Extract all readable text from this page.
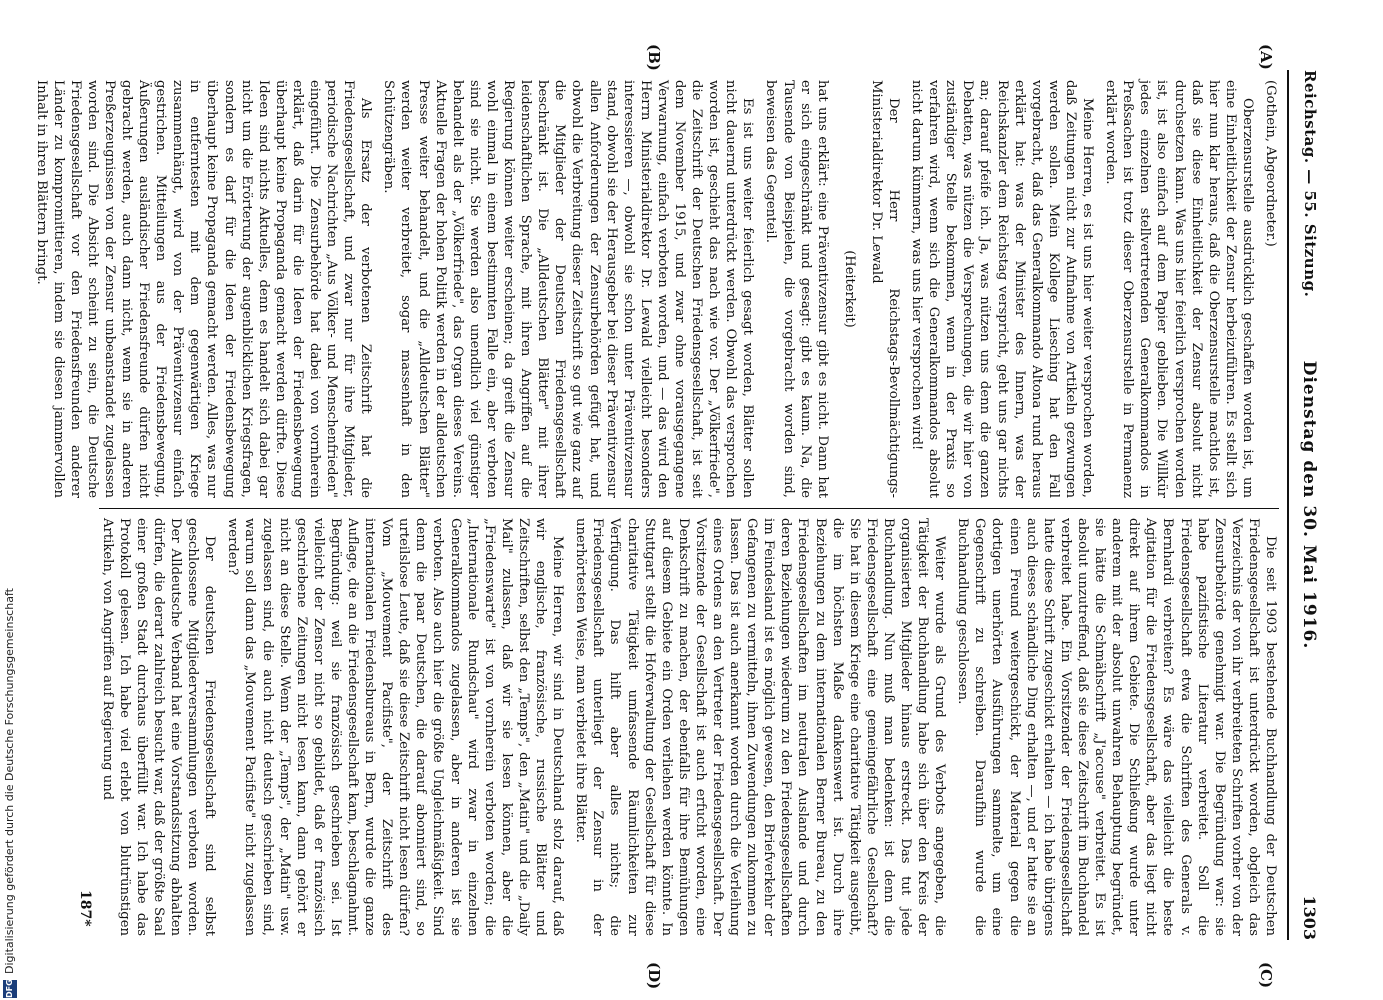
Reichstag. — 55. Sitzung.
Dienstag den 30. Mai 1916.
1303
(A)
(B)
(C)
(D)

(Gothein, Abgeordneter.)

Oberzensurstelle ausdrücklich geschaffen worden ist, um eine Einheitlichkeit der Zensur herbeizuführen. Es stellt sich hier nun klar heraus, daß die Oberzensurstelle machtlos ist, daß sie diese Einheitlichkeit der Zensur absolut nicht durchsetzen kann. Was uns hier feierlich versprochen worden ist, ist also einfach auf dem Papier geblieben. Die Willkür jedes einzelnen stellvertretenden Generalkommandos in Preßsachen ist trotz dieser Oberzensurstelle in Permanenz erklärt worden.

Meine Herren, es ist uns hier weiter versprochen worden, daß Zeitungen nicht zur Aufnahme von Artikeln gezwungen werden sollen. Mein Kollege Liesching hat den Fall vorgebracht, daß das Generalkommando Altona rund heraus erklärt hat: was der Minister des Innern, was der Reichskanzler dem Reichstag verspricht, geht uns gar nichts an; darauf pfeife ich. Ja, was nützen uns denn die ganzen Debatten, was nützen die Versprechungen, die wir hier von zuständiger Stelle bekommen, wenn in der Praxis so verfahren wird, wenn sich die Generalkommandos absolut nicht darum kümmern, was uns hier versprochen wird!

Der Herr Reichstags-Bevollmächtigungs-Ministerialdirektor Dr. Lewald

(Heiterkeit)

hat uns erklärt: eine Präventivzensur gibt es nicht. Dann hat er sich eingeschränkt und gesagt: gibt es kaum. Na, die Tausende von Beispielen, die vorgebracht worden sind, beweisen das Gegenteil.

Es ist uns weiter feierlich gesagt worden, Blätter sollen nicht dauernd unterdrückt werden. Obwohl das versprochen worden ist, geschieht das nach wie vor. Der „Völkerfriede", die Zeitschrift der Deutschen Friedensgesellschaft, ist seit dem November 1915, und zwar ohne vorausgegangene Verwarnung, einfach verboten worden, und — das wird den Herrn Ministerialdirektor Dr. Lewald vielleicht besonders interessieren —, obwohl sie schon unter Präventivzensur stand, obwohl sie der Herausgeber bei dieser Präventivzensur allen Anforderungen der Zensurbehörden gefügt hat, und obwohl die Verbreitung dieser Zeitschrift so gut wie ganz auf die Mitglieder der Deutschen Friedensgesellschaft beschränkt ist. Die „Alldeutschen Blätter" mit ihrer leidenschaftlichen Sprache, mit ihren Angriffen auf die Regierung können weiter erscheinen; da greift die Zensur wohl einmal in einem bestimmten Falle ein, aber verboten sind sie nicht. Sie werden also unendlich viel günstiger behandelt als der „Völkerfriede", das Organ dieses Vereins. Aktuelle Fragen der hohen Politik werden in der alldeutschen Presse weiter behandelt, und die „Alldeutschen Blätter" werden weiter verbreitet, sogar massenhaft in den Schützengräben.

Als Ersatz der verbotenen Zeitschrift hat die Friedensgesellschaft, und zwar nur für ihre Mitglieder, periodische Nachrichten „Aus Völker- und Menschenfrieden" eingeführt. Die Zensurbehörde hat dabei von vornherein erklärt, daß darin für die Ideen der Friedensbewegung überhaupt keine Propaganda gemacht werden dürfte. Diese Ideen sind nichts Aktuelles, denn es handelt sich dabei gar nicht um die Erörterung der augenblicklichen Kriegsfragen, sondern es darf für die Ideen der Friedensbewegung überhaupt keine Propaganda gemacht werden. Alles, was nur in entferntesten mit dem gegenwärtigen Kriege zusammenhängt, wird von der Präventivzensur einfach gestrichen. Mitteilungen aus der Friedensbewegung, Äußerungen ausländischer Friedensfreunde dürfen nicht gebracht werden, auch dann nicht, wenn sie in anderen Preßerzeugnissen von der Zensur unbeanstandet zugelassen worden sind. Die Absicht scheint zu sein, die Deutsche Friedensgesellschaft vor den Friedensfreunden anderer Länder zu kompromittieren, indem sie diesen jammervollen Inhalt in ihren Blättern bringt.

Die seit 1903 bestehende Buchhandlung der Deutschen Friedensgesellschaft ist unterdrückt worden, obgleich das Verzeichnis der von ihr verbreiteten Schriften vorher von der Zensurbehörde genehmigt war. Die Begründung war: sie habe pazifistische Literatur verbreitet. Soll die Friedensgesellschaft etwa die Schriften des Generals v. Bernhardi verbreiten? Es wäre das vielleicht die beste Agitation für die Friedensgesellschaft, aber das liegt nicht direkt auf ihrem Gebiete. Die Schließung wurde unter anderem mit der absolut unwahren Behauptung begründet, sie hätte die Schmähschrift „J'accuse" verbreitet. Es ist absolut unzutreffend, daß sie diese Zeitschrift im Buchhandel verbreitet habe. Ein Vorsitzender der Friedensgesellschaft hatte diese Schrift zugeschickt erhalten — ich habe übrigens auch dieses schändliche Ding erhalten —, und er hatte sie an einen Freund weitergeschickt, der Material gegen die dortigen unerhörten Ausführungen sammelte, um eine Gegenschrift zu schreiben. Daraufhin wurde die Buchhandlung geschlossen.

Weiter wurde als Grund des Verbots angegeben, die Tätigkeit der Buchhandlung habe sich über den Kreis der organisierten Mitglieder hinaus erstreckt. Das tut jede Buchhandlung. Nun muß man bedenken: ist denn die Friedensgesellschaft eine gemeingefährliche Gesellschaft? Sie hat in diesem Kriege eine charitative Tätigkeit ausgeübt, die im höchsten Maße dankenswert ist. Durch ihre Beziehungen zu dem internationalen Berner Bureau, zu den Friedensgesellschaften im neutralen Auslande und durch deren Beziehungen wiederum zu den Friedensgesellschaften im Feindesland ist es möglich gewesen, den Briefverkehr der Gefangenen zu vermitteln, ihnen Zuwendungen zukommen zu lassen. Das ist auch anerkannt worden durch die Verleihung eines Ordens an den Vertreter der Friedensgesellschaft. Der Vorsitzende der Gesellschaft ist auch erfucht worden, eine Denkschrift zu machen, der ebenfalls für ihre Bemühungen auf diesem Gebiete ein Orden verliehen werden könnte. In Stuttgart stellt die Hofverwaltung der Gesellschaft für diese charitative Tätigkeit umfassende Räumlichkeiten zur Verfügung. Das hilft aber alles nichts; die Friedensgesellschaft unterliegt der Zensur in der unerhörtesten Weise, man verbietet ihre Blätter.

Meine Herren, wir sind in Deutschland stolz darauf, daß wir englische, französische, russische Blätter und Zeitschriften, selbst den „Temps", den „Matin" und die „Daily Mail" zulassen, daß wir sie lesen können, aber die „Friedenswarte" ist von vornherein verboten worden; die „Internationale Rundschau" wird zwar in einzelnen Generalkommandos zugelassen, aber in anderen ist sie verboten. Also auch hier die größte Ungleichmäßigkeit. Sind denn die paar Deutschen, die darauf abonniert sind, so urteilslose Leute, daß sie diese Zeitschrift nicht lesen dürfen? Vom „Mouvement Pacifiste", der Zeitschrift des internationalen Friedensbureaus in Bern, wurde die ganze Auflage, die an die Friedensgesellschaft kam, beschlagnahmt. Begründung: weil sie französisch geschrieben sei. Ist vielleicht der Zensor nicht so gebildet, daß er französisch geschriebene Zeitungen nicht lesen kann, dann gehört er nicht an diese Stelle. Wenn der „Temps", der „Matin" usw. zugelassen sind, die auch nicht deutsch geschrieben sind, warum soll dann das „Mouvement Pacifiste" nicht zugelassen werden?

Der deutschen Friedensgesellschaft sind selbst geschlossene Mitgliederversammlungen verboten worden. Der Alldeutsche Verband hat eine Vorstandssitzung abhalten dürfen, die derart zahlreich besucht war, daß der größte Saal einer großen Stadt durchaus überfüllt war. Ich habe das Protokoll gelesen. Ich habe viel erlebt von blutrünstigen Artikeln, von Angriffen auf Regierung und

187*
DFG
Digitalisierung gefördert durch die Deutsche Forschungsgemeinschaft
